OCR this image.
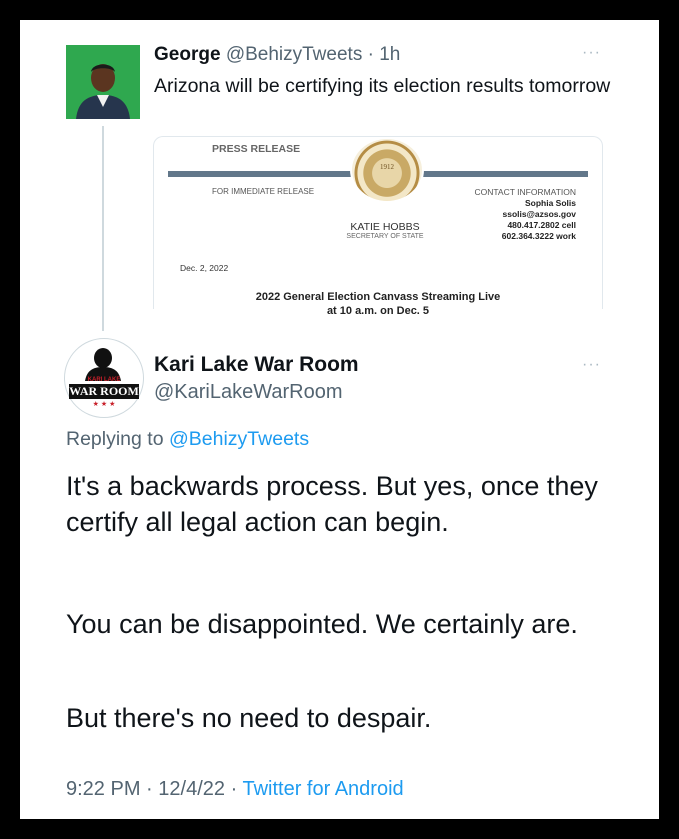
George @BehizyTweets · 1h	···
Arizona will be certifying its election results tomorrow
PRESS RELEASE
1912
FOR IMMEDIATE RELEASE
KATIE HOBBS
SECRETARY OF STATE
CONTACT INFORMATION
Sophia Solis
ssolis@azsos.gov
480.417.2802 cell
602.364.3222 work
Dec. 2, 2022
2022 General Election Canvass Streaming Live
at 10 a.m. on Dec. 5
KARI LAKE
WAR ROOM
★ ★ ★
Kari Lake War Room
@KariLakeWarRoom
···
Replying to @BehizyTweets
It's a backwards process. But yes, once they certify all legal action can begin.
You can be disappointed. We certainly are.
But there's no need to despair.
9:22 PM · 12/4/22 · Twitter for Android
